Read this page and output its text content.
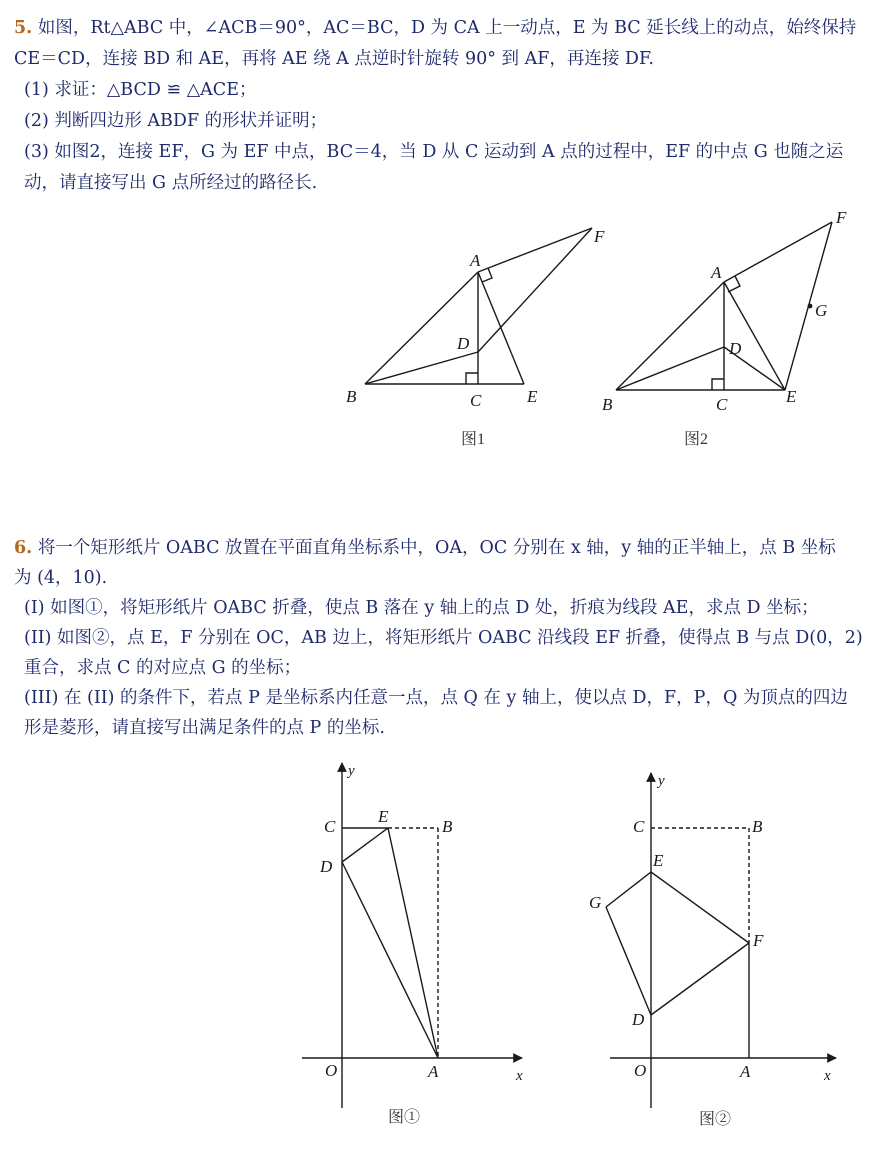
5. 如图，Rt△ABC 中，∠ACB＝90°，AC＝BC，D 为 CA 上一动点，E 为 BC 延长线上的动点，始终保持
CE＝CD，连接 BD 和 AE，再将 AE 绕 A 点逆时针旋转 90° 到 AF，再连接 DF.
(1) 求证：△BCD ≌ △ACE；
(2) 判断四边形 ABDF 的形状并证明；
(3) 如图2，连接 EF，G 为 EF 中点，BC＝4，当 D 从 C 运动到 A 点的过程中，EF 的中点 G 也随之运
动，请直接写出 G 点所经过的路径长.
6. 将一个矩形纸片 OABC 放置在平面直角坐标系中，OA，OC 分别在 x 轴，y 轴的正半轴上，点 B 坐标
为 (4，10).
(I) 如图①，将矩形纸片 OABC 折叠，使点 B 落在 y 轴上的点 D 处，折痕为线段 AE，求点 D 坐标；
(II) 如图②，点 E，F 分别在 OC，AB 边上，将矩形纸片 OABC 沿线段 EF 折叠，使得点 B 与点 D(0，2)
重合，求点 C 的对应点 G 的坐标；
(III) 在 (II) 的条件下，若点 P 是坐标系内任意一点，点 Q 在 y 轴上，使以点 D，F，P，Q 为顶点的四边
形是菱形，请直接写出满足条件的点 P 的坐标.
A
B	C
D
E
F
图1
A
B	C
D
E
F
G
图2
y
x
O	A
B
C
D
E
图①
y
x
O	A
B
C
D
E
F
G
图②
